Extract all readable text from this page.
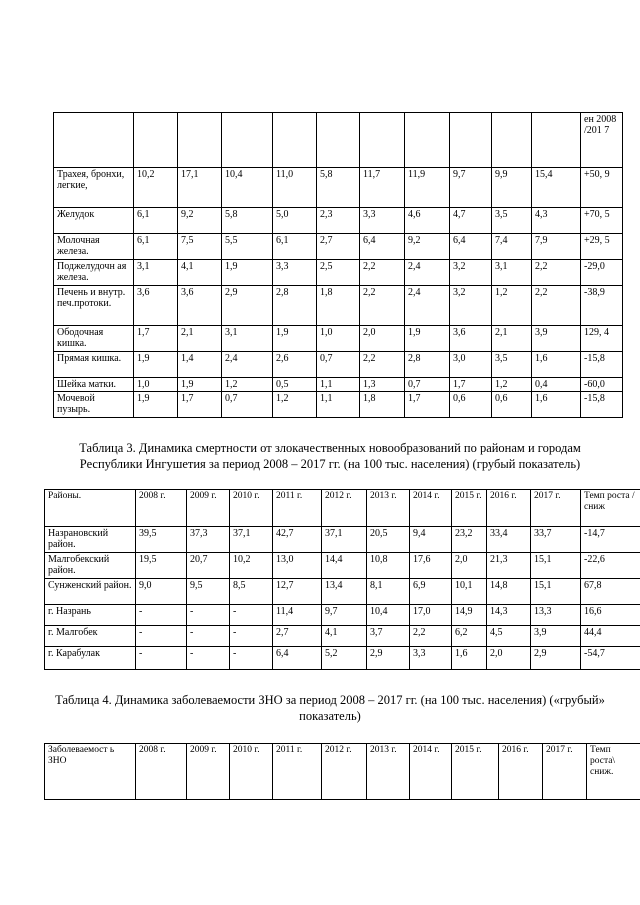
											ен 2008 /201 7
Трахея, бронхи, легкие,	10,2	17,1	10,4	11,0	5,8	11,7	11,9	9,7	9,9	15,4	+50, 9
Желудок	6,1	9,2	5,8	5,0	2,3	3,3	4,6	4,7	3,5	4,3	+70, 5
Молочная железа.	6,1	7,5	5,5	6,1	2,7	6,4	9,2	6,4	7,4	7,9	+29, 5
Поджелудочн ая железа.	3,1	4,1	1,9	3,3	2,5	2,2	2,4	3,2	3,1	2,2	-29,0
Печень и внутр. печ.протоки.	3,6	3,6	2,9	2,8	1,8	2,2	2,4	3,2	1,2	2,2	-38,9
Ободочная кишка.	1,7	2,1	3,1	1,9	1,0	2,0	1,9	3,6	2,1	3,9	129, 4
Прямая кишка.	1,9	1,4	2,4	2,6	0,7	2,2	2,8	3,0	3,5	1,6	-15,8
Шейка матки.	1,0	1,9	1,2	0,5	1,1	1,3	0,7	1,7	1,2	0,4	-60,0
Мочевой пузырь.	1,9	1,7	0,7	1,2	1,1	1,8	1,7	0,6	0,6	1,6	-15,8
Таблица 3. Динамика смертности от злокачественных новообразований по районам и городам Республики Ингушетия за период 2008 – 2017 гг. (на 100 тыс. населения) (грубый показатель)
Районы.	2008 г.	2009 г.	2010 г.	2011 г.	2012 г.	2013 г.	2014 г.	2015 г.	2016 г.	2017 г.	Темп роста /сниж
Назрановский район.	39,5	37,3	37,1	42,7	37,1	20,5	9,4	23,2	33,4	33,7	-14,7
Малгобекский район.	19,5	20,7	10,2	13,0	14,4	10,8	17,6	2,0	21,3	15,1	-22,6
Сунженский район.	9,0	9,5	8,5	12,7	13,4	8,1	6,9	10,1	14,8	15,1	67,8
г. Назрань	-	-	-	11,4	9,7	10,4	17,0	14,9	14,3	13,3	16,6
г. Малгобек	-	-	-	2,7	4,1	3,7	2,2	6,2	4,5	3,9	44,4
г. Карабулак	-	-	-	6,4	5,2	2,9	3,3	1,6	2,0	2,9	-54,7
Таблица 4. Динамика заболеваемости ЗНО за период 2008 – 2017 гг. (на 100 тыс. населения) («грубый» показатель)
Заболеваемост ь ЗНО	2008 г.	2009 г.	2010 г.	2011 г.	2012 г.	2013 г.	2014 г.	2015 г.	2016 г.	2017 г.	Темп роста\ сниж.
